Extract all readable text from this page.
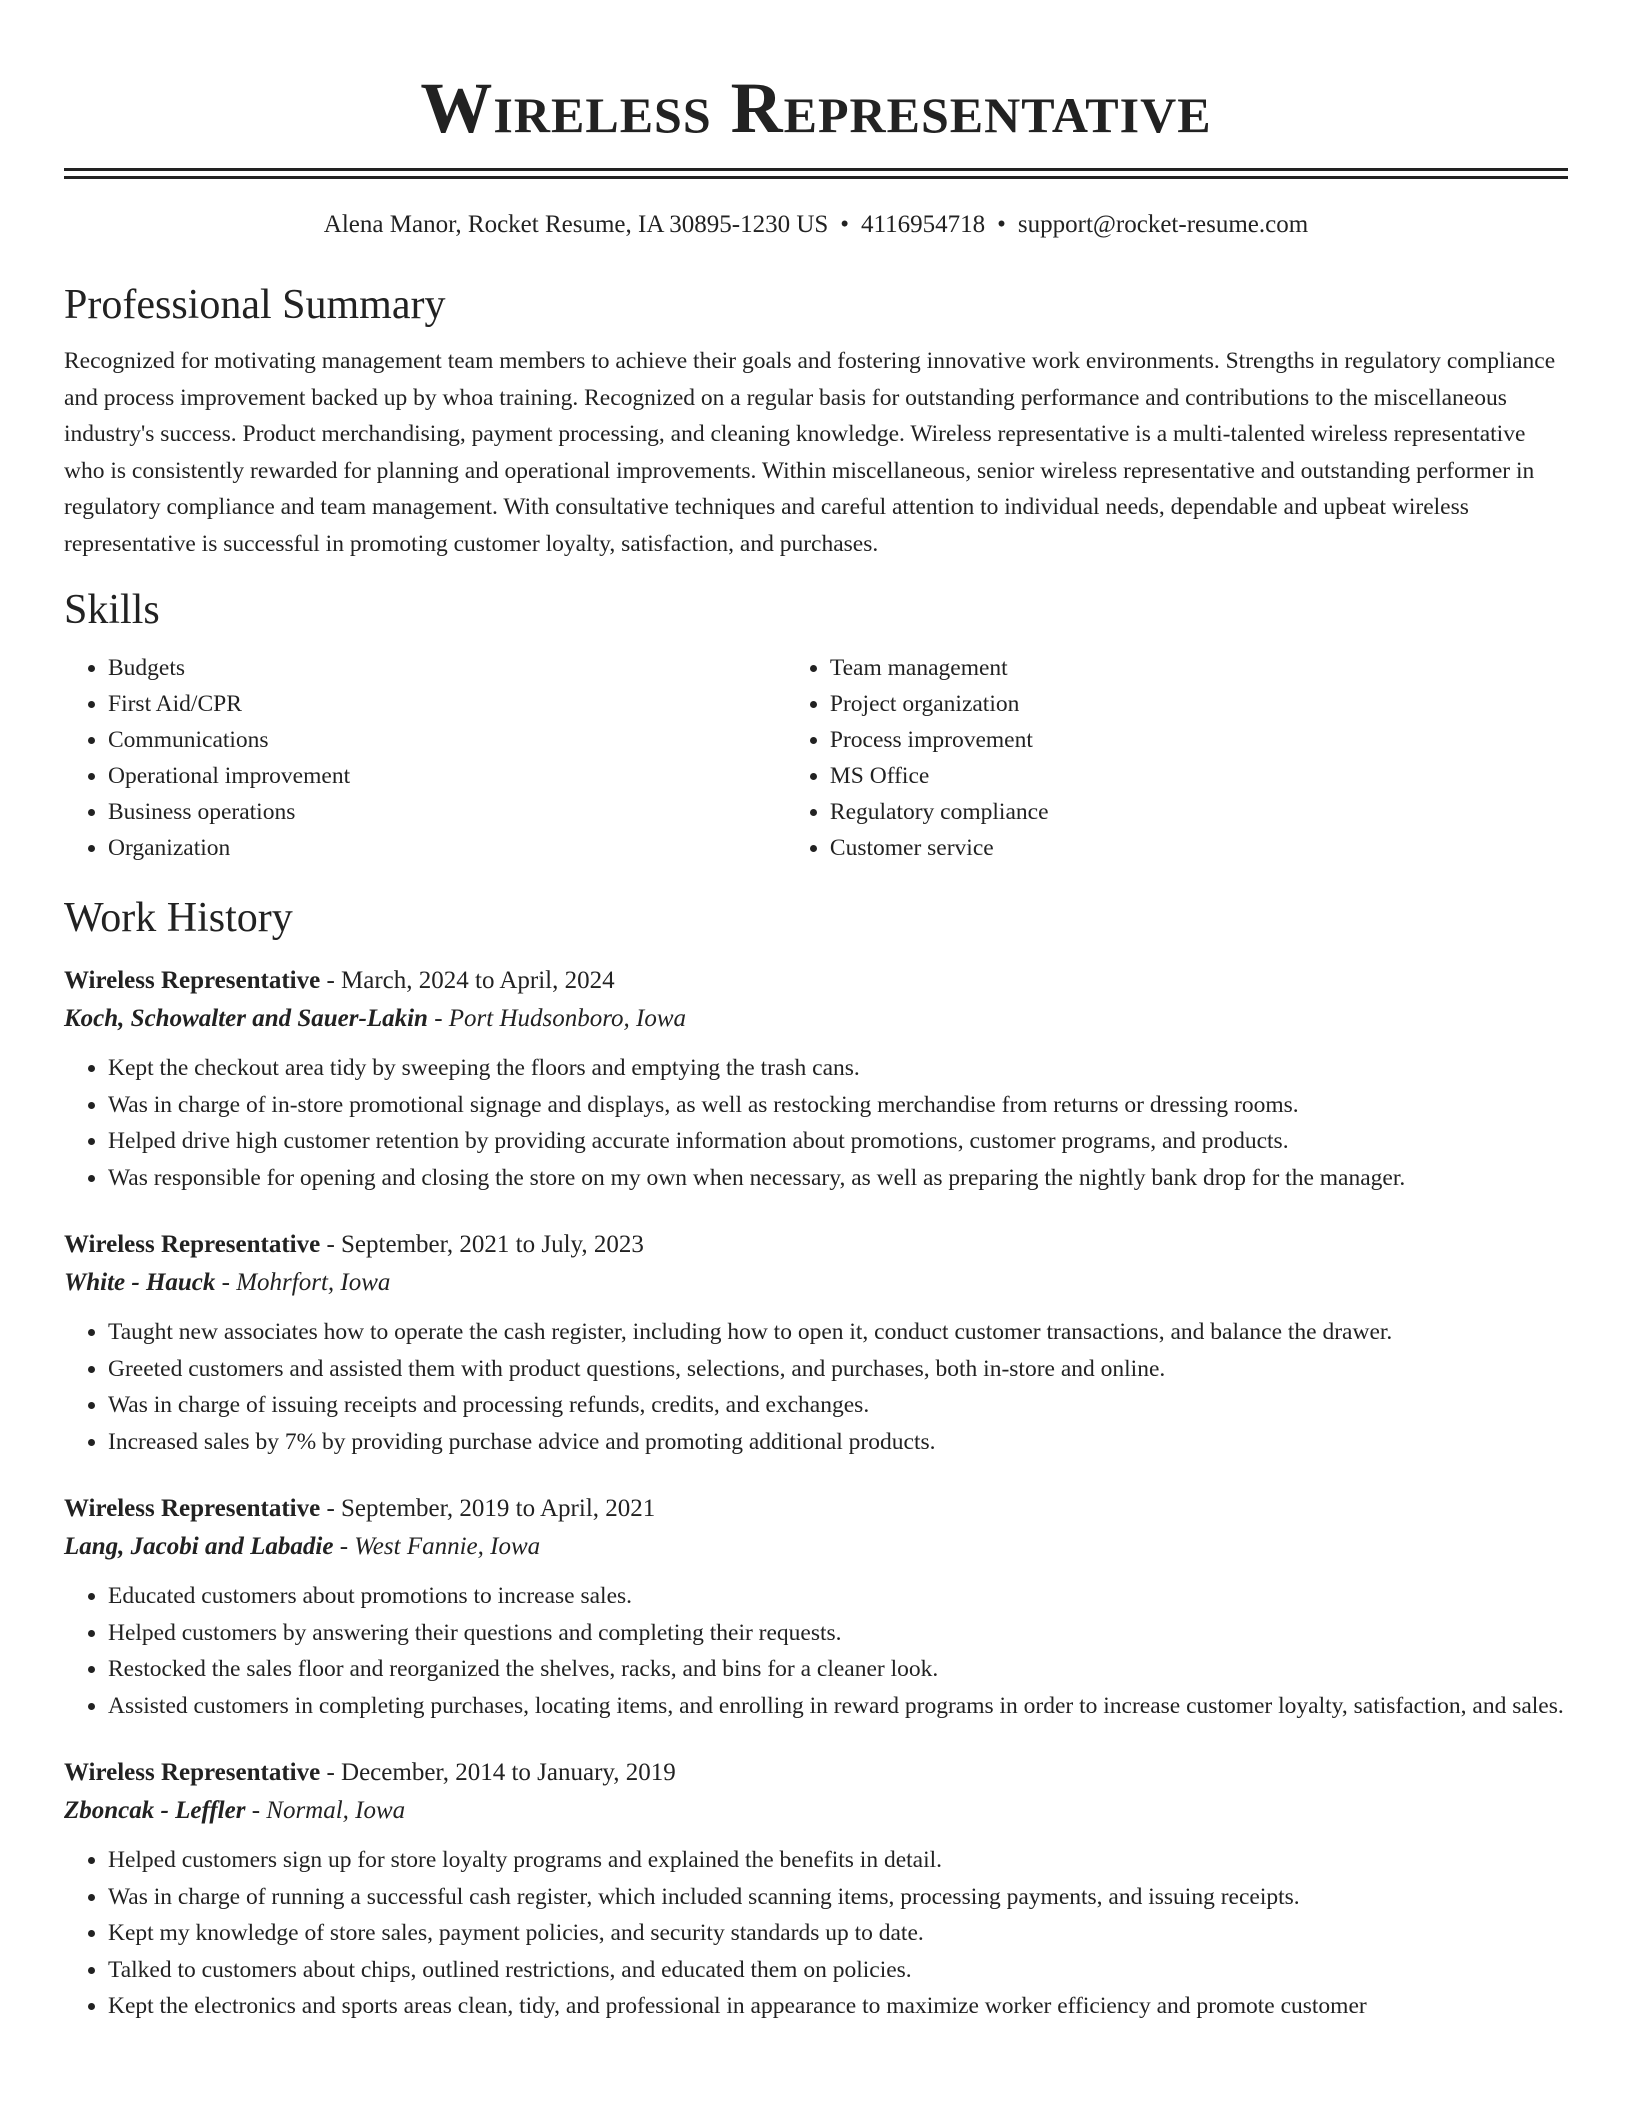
Wireless Representative
Alena Manor, Rocket Resume, IA 30895-1230 US • 4116954718 • support@rocket-resume.com
Professional Summary

Recognized for motivating management team members to achieve their goals and fostering innovative work environments. Strengths in regulatory compliance and process improvement backed up by whoa training. Recognized on a regular basis for outstanding performance and contributions to the miscellaneous industry's success. Product merchandising, payment processing, and cleaning knowledge. Wireless representative is a multi-talented wireless representative who is consistently rewarded for planning and operational improvements. Within miscellaneous, senior wireless representative and outstanding performer in regulatory compliance and team management. With consultative techniques and careful attention to individual needs, dependable and upbeat wireless representative is successful in promoting customer loyalty, satisfaction, and purchases.

Skills
• Budgets
• First Aid/CPR
• Communications
• Operational improvement
• Business operations
• Organization
• Team management
• Project organization
• Process improvement
• MS Office
• Regulatory compliance
• Customer service
Work History
Wireless Representative - March, 2024 to April, 2024
Koch, Schowalter and Sauer-Lakin - Port Hudsonboro, Iowa
• Kept the checkout area tidy by sweeping the floors and emptying the trash cans.
• Was in charge of in-store promotional signage and displays, as well as restocking merchandise from returns or dressing rooms.
• Helped drive high customer retention by providing accurate information about promotions, customer programs, and products.
• Was responsible for opening and closing the store on my own when necessary, as well as preparing the nightly bank drop for the manager.
Wireless Representative - September, 2021 to July, 2023
White - Hauck - Mohrfort, Iowa
• Taught new associates how to operate the cash register, including how to open it, conduct customer transactions, and balance the drawer.
• Greeted customers and assisted them with product questions, selections, and purchases, both in-store and online.
• Was in charge of issuing receipts and processing refunds, credits, and exchanges.
• Increased sales by 7% by providing purchase advice and promoting additional products.
Wireless Representative - September, 2019 to April, 2021
Lang, Jacobi and Labadie - West Fannie, Iowa
• Educated customers about promotions to increase sales.
• Helped customers by answering their questions and completing their requests.
• Restocked the sales floor and reorganized the shelves, racks, and bins for a cleaner look.
• Assisted customers in completing purchases, locating items, and enrolling in reward programs in order to increase customer loyalty, satisfaction, and sales.
Wireless Representative - December, 2014 to January, 2019
Zboncak - Leffler - Normal, Iowa
• Helped customers sign up for store loyalty programs and explained the benefits in detail.
• Was in charge of running a successful cash register, which included scanning items, processing payments, and issuing receipts.
• Kept my knowledge of store sales, payment policies, and security standards up to date.
• Talked to customers about chips, outlined restrictions, and educated them on policies.
• Kept the electronics and sports areas clean, tidy, and professional in appearance to maximize worker efficiency and promote customer
